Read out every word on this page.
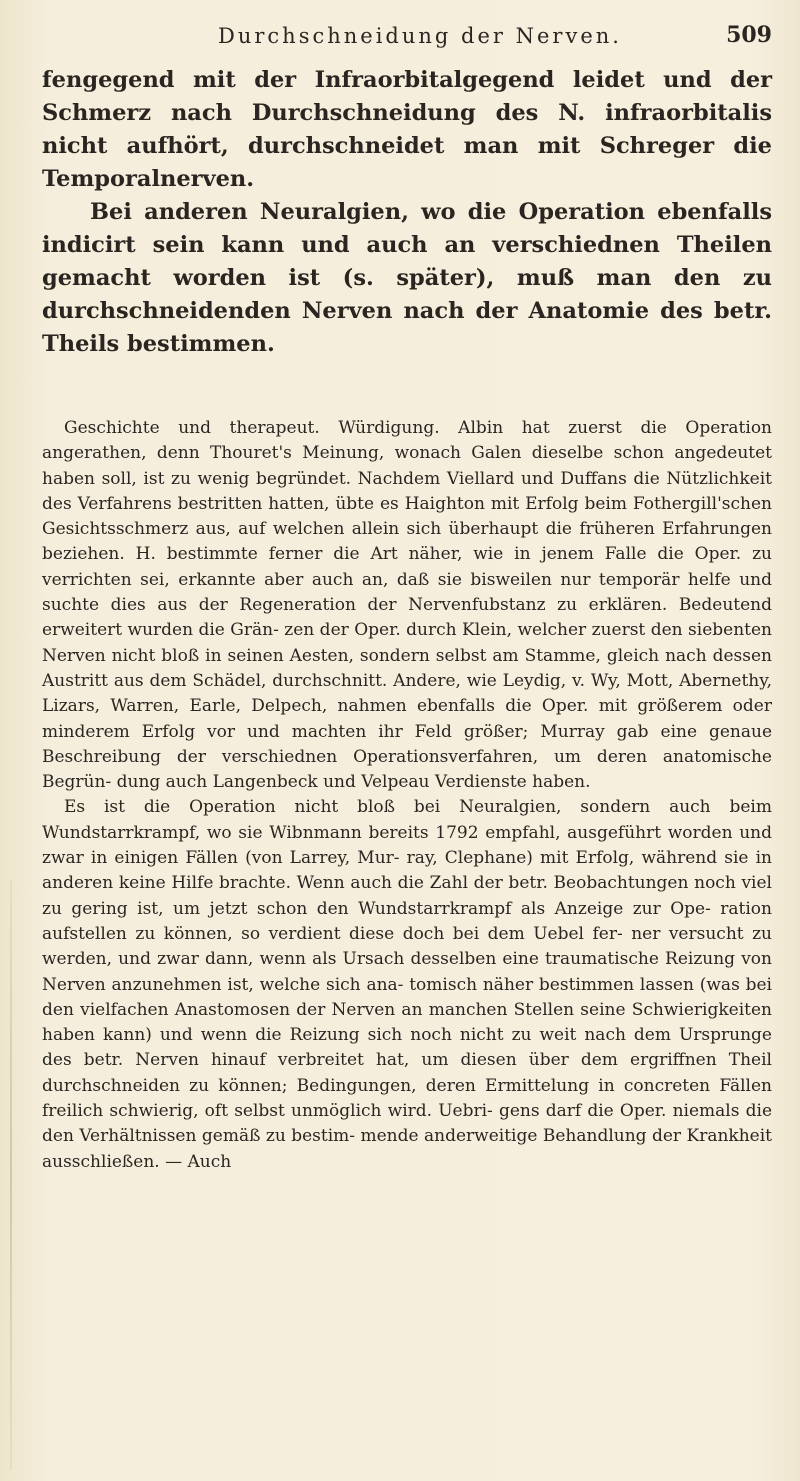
Durchschneidung der Nerven.	509

fengegend mit der Infraorbitalgegend leidet und der Schmerz nach Durchschneidung des N. infraorbitalis nicht aufhört, durchschneidet man mit Schreger die Temporalnerven.

Bei anderen Neuralgien, wo die Operation ebenfalls indicirt sein kann und auch an verschiednen Theilen gemacht worden ist (s. später), muß man den zu durchschneidenden Nerven nach der Anatomie des betr. Theils bestimmen.

Geschichte und therapeut. Würdigung. Albin hat zuerst die Operation angerathen, denn Thouret's Meinung, wonach Galen dieselbe schon angedeutet haben soll, ist zu wenig begründet. Nachdem Viellard und Duffans die Nützlichkeit des Verfahrens bestritten hatten, übte es Haighton mit Erfolg beim Fothergill'schen Gesichtsschmerz aus, auf welchen allein sich überhaupt die früheren Erfahrungen beziehen. H. bestimmte ferner die Art näher, wie in jenem Falle die Oper. zu verrichten sei, erkannte aber auch an, daß sie bisweilen nur temporär helfe und suchte dies aus der Regeneration der Nervenfubstanz zu erklären. Bedeutend erweitert wurden die Grän- zen der Oper. durch Klein, welcher zuerst den siebenten Nerven nicht bloß in seinen Aesten, sondern selbst am Stamme, gleich nach dessen Austritt aus dem Schädel, durchschnitt. Andere, wie Leydig, v. Wy, Mott, Abernethy, Lizars, Warren, Earle, Delpech, nahmen ebenfalls die Oper. mit größerem oder minderem Erfolg vor und machten ihr Feld größer; Murray gab eine genaue Beschreibung der verschiednen Operationsverfahren, um deren anatomische Begrün- dung auch Langenbeck und Velpeau Verdienste haben.

Es ist die Operation nicht bloß bei Neuralgien, sondern auch beim Wundstarrkrampf, wo sie Wibnmann bereits 1792 empfahl, ausgeführt worden und zwar in einigen Fällen (von Larrey, Mur- ray, Clephane) mit Erfolg, während sie in anderen keine Hilfe brachte. Wenn auch die Zahl der betr. Beobachtungen noch viel zu gering ist, um jetzt schon den Wundstarrkrampf als Anzeige zur Ope- ration aufstellen zu können, so verdient diese doch bei dem Uebel fer- ner versucht zu werden, und zwar dann, wenn als Ursach desselben eine traumatische Reizung von Nerven anzunehmen ist, welche sich ana- tomisch näher bestimmen lassen (was bei den vielfachen Anastomosen der Nerven an manchen Stellen seine Schwierigkeiten haben kann) und wenn die Reizung sich noch nicht zu weit nach dem Ursprunge des betr. Nerven hinauf verbreitet hat, um diesen über dem ergriffnen Theil durchschneiden zu können; Bedingungen, deren Ermittelung in concreten Fällen freilich schwierig, oft selbst unmöglich wird. Uebri- gens darf die Oper. niemals die den Verhältnissen gemäß zu bestim- mende anderweitige Behandlung der Krankheit ausschließen. — Auch
